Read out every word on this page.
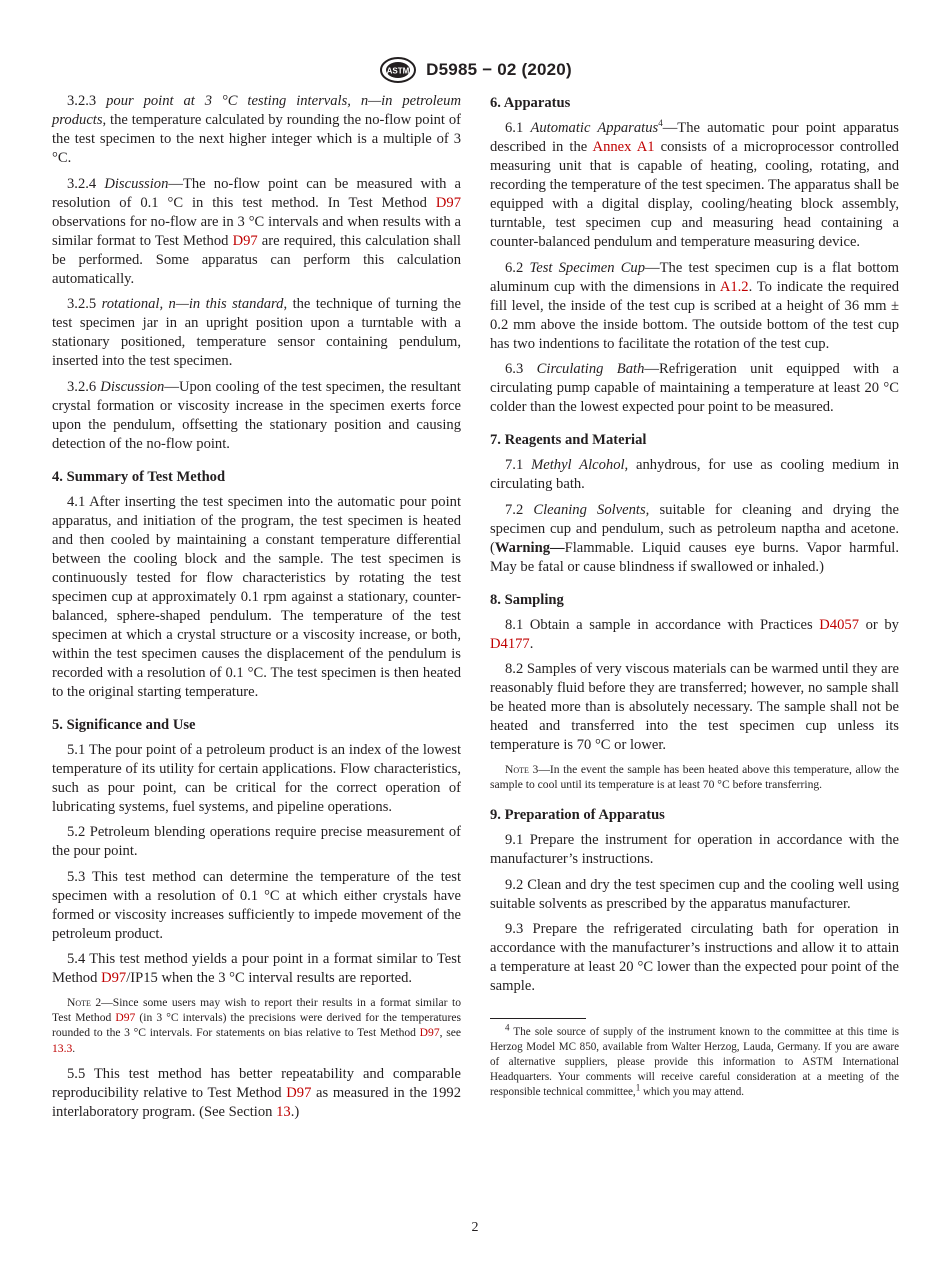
ASTM D5985 − 02 (2020)

3.2.3 pour point at 3 °C testing intervals, n—in petroleum products, the temperature calculated by rounding the no-flow point of the test specimen to the next higher integer which is a multiple of 3 °C.

3.2.4 Discussion—The no-flow point can be measured with a resolution of 0.1 °C in this test method. In Test Method D97 observations for no-flow are in 3 °C intervals and when results with a similar format to Test Method D97 are required, this calculation shall be performed. Some apparatus can perform this calculation automatically.

3.2.5 rotational, n—in this standard, the technique of turning the test specimen jar in an upright position upon a turntable with a stationary positioned, temperature sensor containing pendulum, inserted into the test specimen.

3.2.6 Discussion—Upon cooling of the test specimen, the resultant crystal formation or viscosity increase in the specimen exerts force upon the pendulum, offsetting the stationary position and causing detection of the no-flow point.

4. Summary of Test Method

4.1 After inserting the test specimen into the automatic pour point apparatus, and initiation of the program, the test specimen is heated and then cooled by maintaining a constant temperature differential between the cooling block and the sample. The test specimen is continuously tested for flow characteristics by rotating the test specimen cup at approximately 0.1 rpm against a stationary, counter-balanced, sphere-shaped pendulum. The temperature of the test specimen at which a crystal structure or a viscosity increase, or both, within the test specimen causes the displacement of the pendulum is recorded with a resolution of 0.1 °C. The test specimen is then heated to the original starting temperature.

5. Significance and Use

5.1 The pour point of a petroleum product is an index of the lowest temperature of its utility for certain applications. Flow characteristics, such as pour point, can be critical for the correct operation of lubricating systems, fuel systems, and pipeline operations.

5.2 Petroleum blending operations require precise measurement of the pour point.

5.3 This test method can determine the temperature of the test specimen with a resolution of 0.1 °C at which either crystals have formed or viscosity increases sufficiently to impede movement of the petroleum product.

5.4 This test method yields a pour point in a format similar to Test Method D97/IP15 when the 3 °C interval results are reported.

Note 2—Since some users may wish to report their results in a format similar to Test Method D97 (in 3 °C intervals) the precisions were derived for the temperatures rounded to the 3 °C intervals. For statements on bias relative to Test Method D97, see 13.3.

5.5 This test method has better repeatability and comparable reproducibility relative to Test Method D97 as measured in the 1992 interlaboratory program. (See Section 13.)

6. Apparatus

6.1 Automatic Apparatus$^4$—The automatic pour point apparatus described in the Annex A1 consists of a microprocessor controlled measuring unit that is capable of heating, cooling, rotating, and recording the temperature of the test specimen. The apparatus shall be equipped with a digital display, cooling/heating block assembly, turntable, test specimen cup and measuring head containing a counter-balanced pendulum and temperature measuring device.

6.2 Test Specimen Cup—The test specimen cup is a flat bottom aluminum cup with the dimensions in A1.2. To indicate the required fill level, the inside of the test cup is scribed at a height of 36 mm ± 0.2 mm above the inside bottom. The outside bottom of the test cup has two indentions to facilitate the rotation of the test cup.

6.3 Circulating Bath—Refrigeration unit equipped with a circulating pump capable of maintaining a temperature at least 20 °C colder than the lowest expected pour point to be measured.

7. Reagents and Material

7.1 Methyl Alcohol, anhydrous, for use as cooling medium in circulating bath.

7.2 Cleaning Solvents, suitable for cleaning and drying the specimen cup and pendulum, such as petroleum naptha and acetone. (Warning—Flammable. Liquid causes eye burns. Vapor harmful. May be fatal or cause blindness if swallowed or inhaled.)

8. Sampling

8.1 Obtain a sample in accordance with Practices D4057 or by D4177.

8.2 Samples of very viscous materials can be warmed until they are reasonably fluid before they are transferred; however, no sample shall be heated more than is absolutely necessary. The sample shall not be heated and transferred into the test specimen cup unless its temperature is 70 °C or lower.

Note 3—In the event the sample has been heated above this temperature, allow the sample to cool until its temperature is at least 70 °C before transferring.
9. Preparation of Apparatus

9.1 Prepare the instrument for operation in accordance with the manufacturer’s instructions.

9.2 Clean and dry the test specimen cup and the cooling well using suitable solvents as prescribed by the apparatus manufacturer.

9.3 Prepare the refrigerated circulating bath for operation in accordance with the manufacturer’s instructions and allow it to attain a temperature at least 20 °C lower than the expected pour point of the sample.

$^4$ The sole source of supply of the instrument known to the committee at this time is Herzog Model MC 850, available from Walter Herzog, Lauda, Germany. If you are aware of alternative suppliers, please provide this information to ASTM International Headquarters. Your comments will receive careful consideration at a meeting of the responsible technical committee,$^1$ which you may attend.

2
